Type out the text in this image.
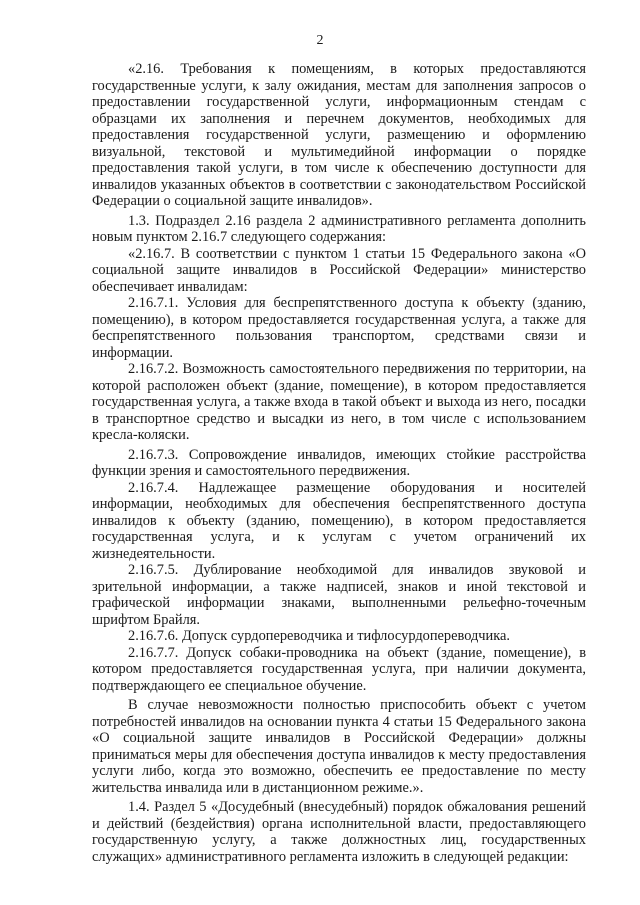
2

«2.16. Требования к помещениям, в которых предоставляются государственные услуги, к залу ожидания, местам для заполнения запросов о предоставлении государственной услуги, информационным стендам с образцами их заполнения и перечнем документов, необходимых для предоставления государственной услуги, размещению и оформлению визуальной, текстовой и мультимедийной информации о порядке предоставления такой услуги, в том числе к обеспечению доступности для инвалидов указанных объектов в соответствии с законодательством Российской Федерации о социальной защите инвалидов».

1.3. Подраздел 2.16 раздела 2 административного регламента дополнить новым пунктом 2.16.7 следующего содержания:

«2.16.7. В соответствии с пунктом 1 статьи 15 Федерального закона «О социальной защите инвалидов в Российской Федерации» министерство обеспечивает инвалидам:

2.16.7.1. Условия для беспрепятственного доступа к объекту (зданию, помещению), в котором предоставляется государственная услуга, а также для беспрепятственного пользования транспортом, средствами связи и информации.

2.16.7.2. Возможность самостоятельного передвижения по территории, на которой расположен объект (здание, помещение), в котором предоставляется государственная услуга, а также входа в такой объект и выхода из него, посадки в транспортное средство и высадки из него, в том числе с использованием кресла-коляски.

2.16.7.3. Сопровождение инвалидов, имеющих стойкие расстройства функции зрения и самостоятельного передвижения.

2.16.7.4. Надлежащее размещение оборудования и носителей информации, необходимых для обеспечения беспрепятственного доступа инвалидов к объекту (зданию, помещению), в котором предоставляется государственная услуга, и к услугам с учетом ограничений их жизнедеятельности.

2.16.7.5. Дублирование необходимой для инвалидов звуковой и зрительной информации, а также надписей, знаков и иной текстовой и графической информации знаками, выполненными рельефно-точечным шрифтом Брайля.

2.16.7.6. Допуск сурдопереводчика и тифлосурдопереводчика.

2.16.7.7. Допуск собаки-проводника на объект (здание, помещение), в котором предоставляется государственная услуга, при наличии документа, подтверждающего ее специальное обучение.

В случае невозможности полностью приспособить объект с учетом потребностей инвалидов на основании пункта 4 статьи 15 Федерального закона «О социальной защите инвалидов в Российской Федерации» должны приниматься меры для обеспечения доступа инвалидов к месту предоставления услуги либо, когда это возможно, обеспечить ее предоставление по месту жительства инвалида или в дистанционном режиме.».

1.4. Раздел 5 «Досудебный (внесудебный) порядок обжалования решений и действий (бездействия) органа исполнительной власти, предоставляющего государственную услугу, а также должностных лиц, государственных служащих» административного регламента изложить в следующей редакции:
